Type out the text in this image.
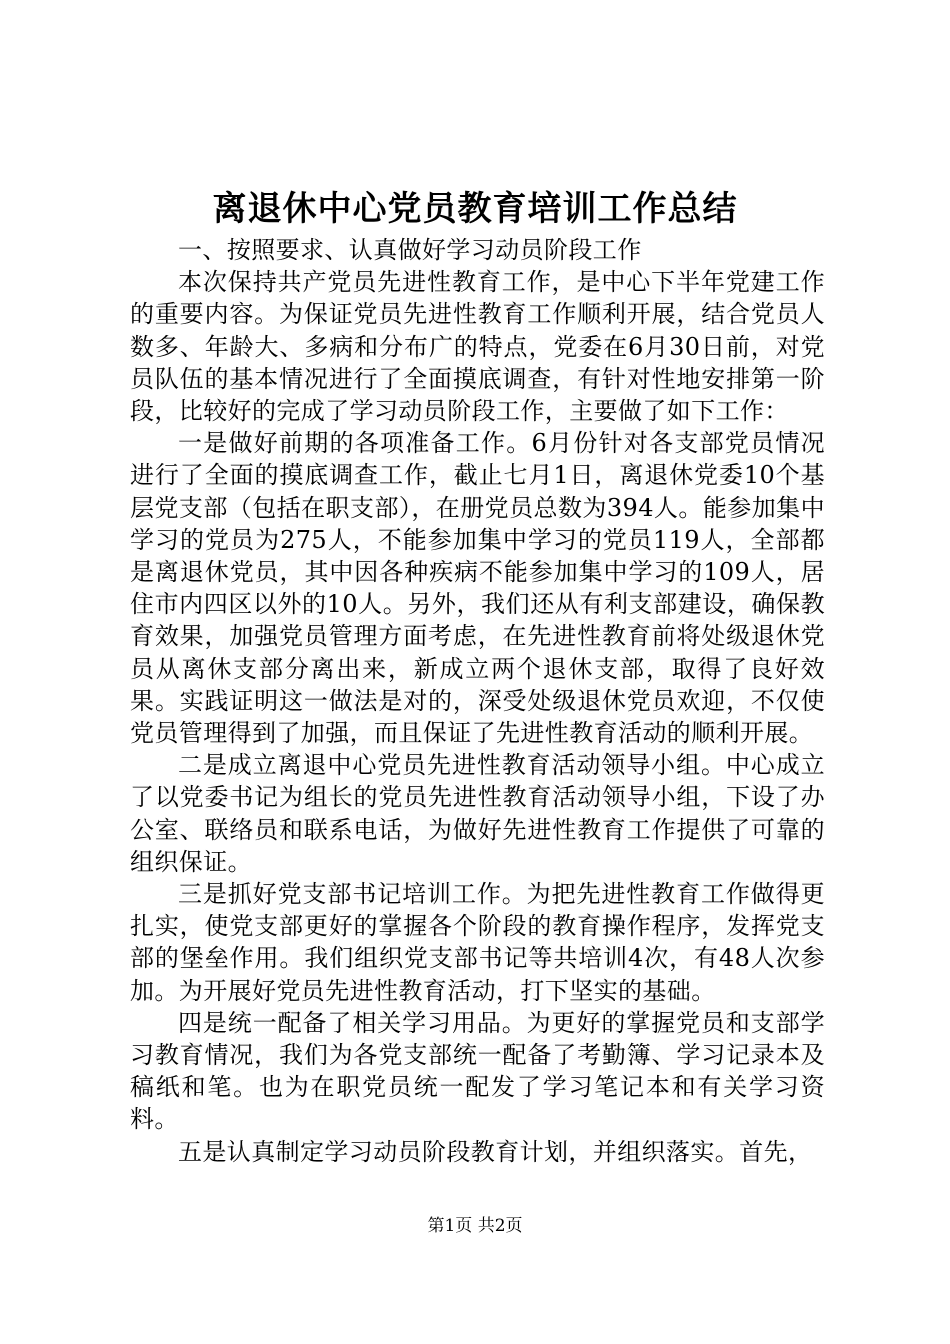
离退休中心党员教育培训工作总结

一、按照要求、认真做好学习动员阶段工作

本次保持共产党员先进性教育工作，是中心下半年党建工作的重要内容。为保证党员先进性教育工作顺利开展，结合党员人数多、年龄大、多病和分布广的特点，党委在6月30日前，对党员队伍的基本情况进行了全面摸底调查，有针对性地安排第一阶段，比较好的完成了学习动员阶段工作，主要做了如下工作：

一是做好前期的各项准备工作。6月份针对各支部党员情况进行了全面的摸底调查工作，截止七月1日，离退休党委10个基层党支部（包括在职支部），在册党员总数为394人。能参加集中学习的党员为275人，不能参加集中学习的党员119人，全部都是离退休党员，其中因各种疾病不能参加集中学习的109人，居住市内四区以外的10人。另外，我们还从有利支部建设，确保教育效果，加强党员管理方面考虑，在先进性教育前将处级退休党员从离休支部分离出来，新成立两个退休支部，取得了良好效果。实践证明这一做法是对的，深受处级退休党员欢迎，不仅使党员管理得到了加强，而且保证了先进性教育活动的顺利开展。

二是成立离退中心党员先进性教育活动领导小组。中心成立了以党委书记为组长的党员先进性教育活动领导小组，下设了办公室、联络员和联系电话，为做好先进性教育工作提供了可靠的组织保证。

三是抓好党支部书记培训工作。为把先进性教育工作做得更扎实，使党支部更好的掌握各个阶段的教育操作程序，发挥党支部的堡垒作用。我们组织党支部书记等共培训4次，有48人次参加。为开展好党员先进性教育活动，打下坚实的基础。

四是统一配备了相关学习用品。为更好的掌握党员和支部学习教育情况，我们为各党支部统一配备了考勤簿、学习记录本及稿纸和笔。也为在职党员统一配发了学习笔记本和有关学习资料。

五是认真制定学习动员阶段教育计划，并组织落实。首先，

第1页 共2页
